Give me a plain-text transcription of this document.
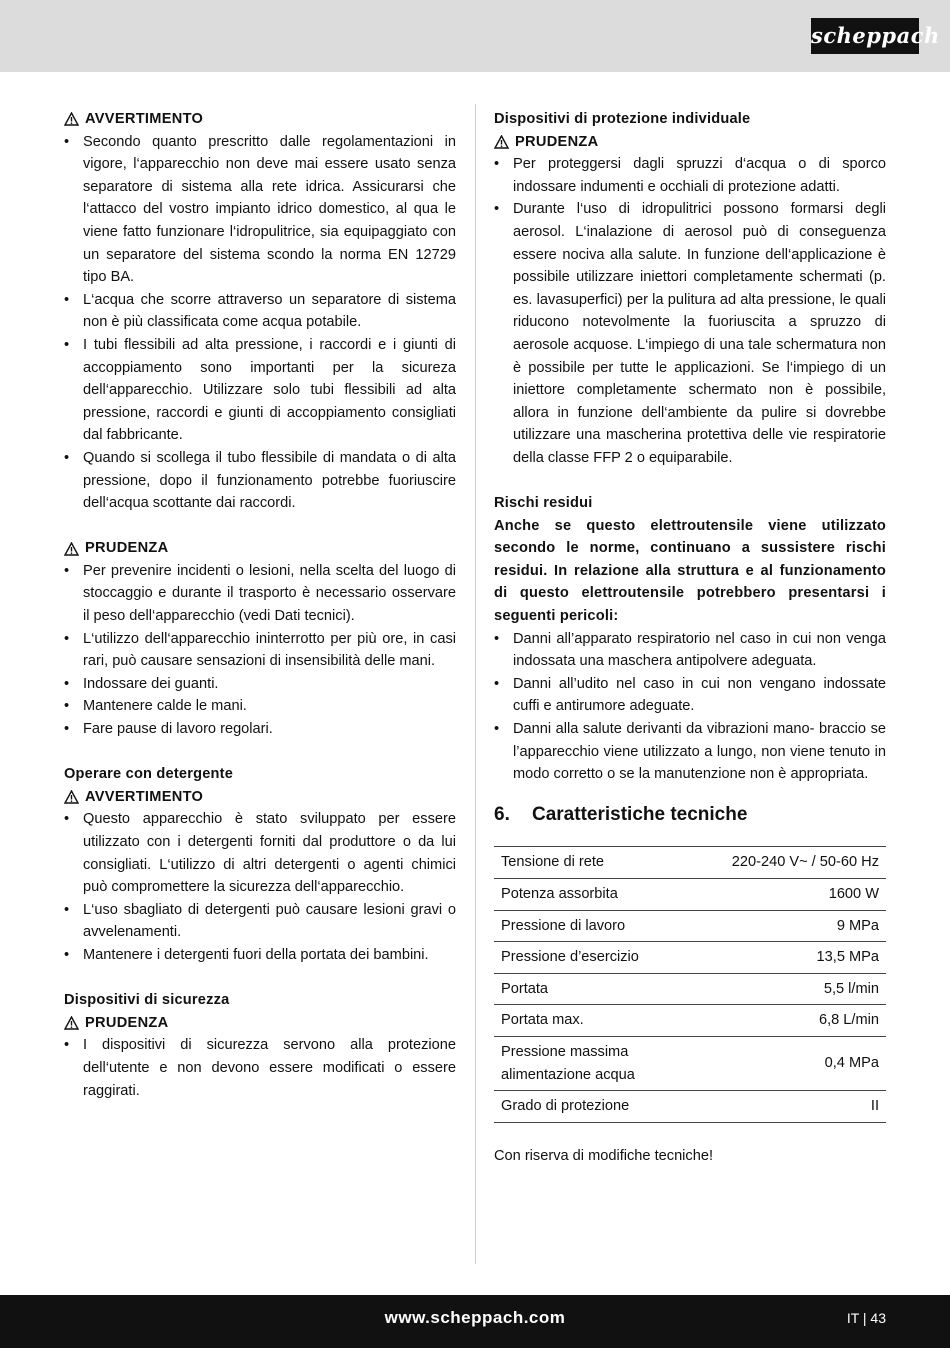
scheppach
AVVERTIMENTO
• Secondo quanto prescritto dalle regolamentazioni in vigore, l‘apparecchio non deve mai essere usato senza separatore di sistema alla rete idrica. Assicurarsi che l‘attacco del vostro impianto idrico domestico, al qua le viene fatto funzionare l‘idropulitrice, sia equipaggiato con un separatore del sistema scondo la norma EN 12729 tipo BA.
• L‘acqua che scorre attraverso un separatore di sistema non è più classificata come acqua potabile.
• I tubi flessibili ad alta pressione, i raccordi e i giunti di accoppiamento sono importanti per la sicureza dell‘apparecchio. Utilizzare solo tubi flessibili ad alta pressione, raccordi e giunti di accoppiamento consigliati dal fabbricante.
• Quando si scollega il tubo flessibile di mandata o di alta pressione, dopo il funzionamento potrebbe fuoriuscire dell‘acqua scottante dai raccordi.
PRUDENZA
• Per prevenire incidenti o lesioni, nella scelta del luogo di stoccaggio e durante il trasporto è necessario osservare il peso dell‘apparecchio (vedi Dati tecnici).
• L‘utilizzo dell‘apparecchio ininterrotto per più ore, in casi rari, può causare sensazioni di insensibilità delle mani.
• Indossare dei guanti.
• Mantenere calde le mani.
• Fare pause di lavoro regolari.

Operare con detergente

AVVERTIMENTO
• Questo apparecchio è stato sviluppato per essere utilizzato con i detergenti forniti dal produttore o da lui consigliati. L‘utilizzo di altri detergenti o agenti chimici può compromettere la sicurezza dell‘apparecchio.
• L‘uso sbagliato di detergenti può causare lesioni gravi o avvelenamenti.
• Mantenere i detergenti fuori della portata dei bambini.

Dispositivi di sicurezza

PRUDENZA
• I dispositivi di sicurezza servono alla protezione dell‘utente e non devono essere modificati o essere raggirati.

Dispositivi di protezione individuale

PRUDENZA
• Per proteggersi dagli spruzzi d‘acqua o di sporco indossare indumenti e occhiali di protezione adatti.
• Durante l‘uso di idropulitrici possono formarsi degli aerosol. L‘inalazione di aerosol può di conseguenza essere nociva alla salute. In funzione dell‘applicazione è possibile utilizzare iniettori completamente schermati (p. es. lavasuperfici) per la pulitura ad alta pressione, le quali riducono notevolmente la fuoriuscita a spruzzo di aerosole acquose. L‘impiego di una tale schermatura non è possibile per tutte le applicazioni. Se l‘impiego di un iniettore completamente schermato non è possibile, allora in funzione dell‘ambiente da pulire si dovrebbe utilizzare una mascherina protettiva delle vie respiratorie della classe FFP 2 o equiparabile.

Rischi residui

Anche se questo elettroutensile viene utilizzato secondo le norme, continuano a sussistere rischi residui. In relazione alla struttura e al funzionamento di questo elettroutensile potrebbero presentarsi i seguenti pericoli:

• Danni all’apparato respiratorio nel caso in cui non venga indossata una maschera antipolvere adeguata.
• Danni all’udito nel caso in cui non vengano indossate cuffi e antirumore adeguate.
• Danni alla salute derivanti da vibrazioni mano- braccio se l’apparecchio viene utilizzato a lungo, non viene tenuto in modo corretto o se la manutenzione non è appropriata.
6.	Caratteristiche tecniche
Tensione di rete	220-240 V~ / 50-60 Hz
Potenza assorbita	1600 W
Pressione di lavoro	9 MPa
Pressione d’esercizio	13,5 MPa
Portata	5,5 l/min
Portata max.	6,8 L/min
Pressione massima alimentazione acqua	0,4 MPa
Grado di protezione	II

Con riserva di modifiche tecniche!

www.scheppach.com	IT | 43
